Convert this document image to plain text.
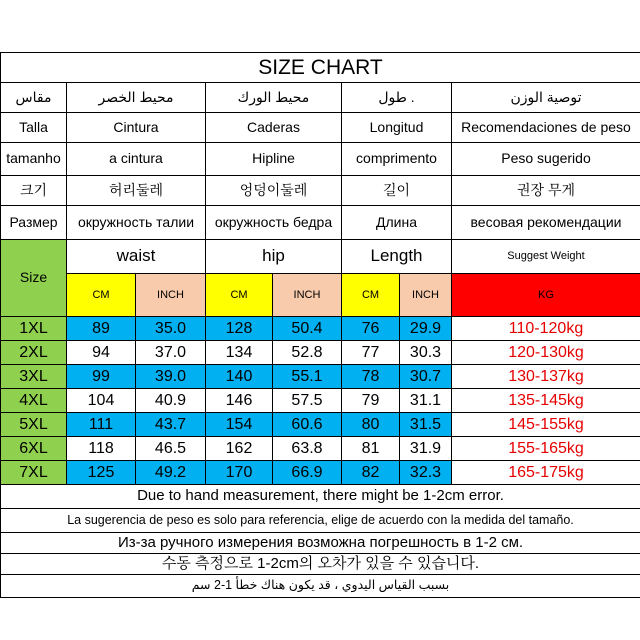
SIZE CHART
مقاس	محيط الخصر	محيط الورك	طول .	توصية الوزن
Talla	Cintura	Caderas	Longitud	Recomendaciones de peso
tamanho	a cintura	Hipline	comprimento	Peso sugerido
크기	허리둘레	엉덩이둘레	길이	권장 무게
Размер	окружность талии	окружность бедра	Длина	весовая рекомендации
Size
waist	hip	Length	Suggest Weight
CM	INCH	CM	INCH	CM	INCH	KG
1XL	89	35.0	128	50.4	76	29.9	110-120kg
2XL	94	37.0	134	52.8	77	30.3	120-130kg
3XL	99	39.0	140	55.1	78	30.7	130-137kg
4XL	104	40.9	146	57.5	79	31.1	135-145kg
5XL	111	43.7	154	60.6	80	31.5	145-155kg
6XL	118	46.5	162	63.8	81	31.9	155-165kg
7XL	125	49.2	170	66.9	82	32.3	165-175kg
Due to hand measurement, there might be 1-2cm error.
La sugerencia de peso es solo para referencia, elige de acuerdo con la medida del tamaño.
Из-за ручного измерения возможна погрешность в 1-2 см.
수동 측정으로 1-2cm의 오차가 있을 수 있습니다.
بسبب القياس اليدوي ، قد يكون هناك خطأ 1-2 سم
